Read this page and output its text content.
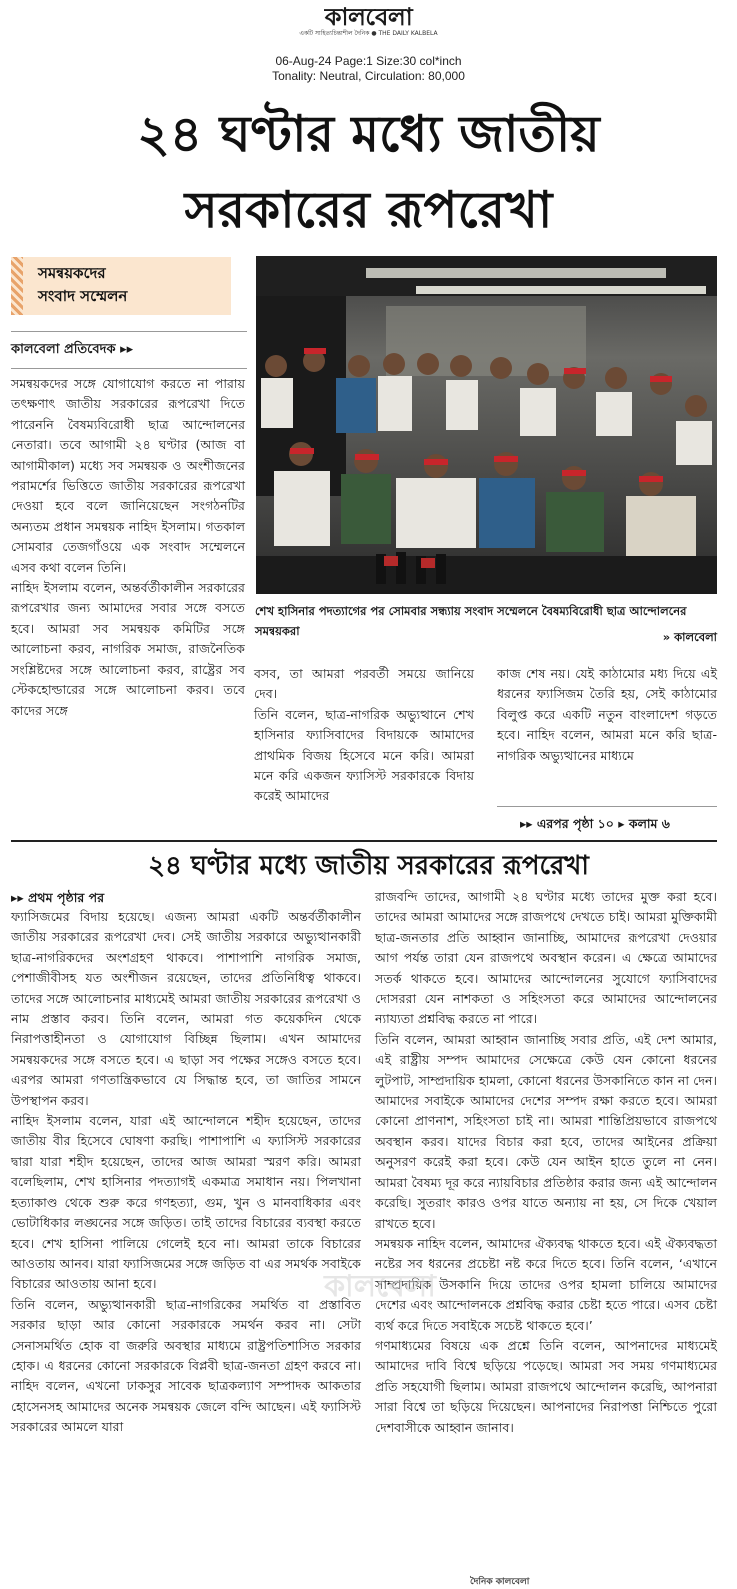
কালবেলা
একটি সাহিত্যচিন্তাশীল দৈনিক ● THE DAILY KALBELA
06-Aug-24 Page:1 Size:30 col*inch
Tonality: Neutral, Circulation: 80,000
২৪ ঘণ্টার মধ্যে জাতীয়
সরকারের রূপরেখা
সমন্বয়কদের
সংবাদ সম্মেলন
কালবেলা প্রতিবেদক ▸▸

সমন্বয়কদের সঙ্গে যোগাযোগ করতে না পারায় তৎক্ষণাৎ জাতীয় সরকারের রূপরেখা দিতে পারেননি বৈষম্যবিরোধী ছাত্র আন্দোলনের নেতারা। তবে আগামী ২৪ ঘণ্টার (আজ বা আগামীকাল) মধ্যে সব সমন্বয়ক ও অংশীজনের পরামর্শের ভিত্তিতে জাতীয় সরকারের রূপরেখা দেওয়া হবে বলে জানিয়েছেন সংগঠনটির অন্যতম প্রধান সমন্বয়ক নাহিদ ইসলাম। গতকাল সোমবার তেজগাঁওয়ে এক সংবাদ সম্মেলনে এসব কথা বলেন তিনি।

নাহিদ ইসলাম বলেন, অন্তর্বর্তীকালীন সরকারের রূপরেখার জন্য আমাদের সবার সঙ্গে বসতে হবে। আমরা সব সমন্বয়ক কমিটির সঙ্গে আলোচনা করব, নাগরিক সমাজ, রাজনৈতিক সংশ্লিষ্টদের সঙ্গে আলোচনা করব, রাষ্ট্রের সব স্টেকহোল্ডারের সঙ্গে আলোচনা করব। তবে কাদের সঙ্গে

শেখ হাসিনার পদত্যাগের পর সোমবার সন্ধ্যায় সংবাদ সম্মেলনে বৈষম্যবিরোধী ছাত্র আন্দোলনের সমন্বয়করা	» কালবেলা

বসব, তা আমরা পরবর্তী সময়ে জানিয়ে দেব।

তিনি বলেন, ছাত্র-নাগরিক অভ্যুত্থানে শেখ হাসিনার ফ্যাসিবাদের বিদায়কে আমাদের প্রাথমিক বিজয় হিসেবে মনে করি। আমরা মনে করি একজন ফ্যাসিস্ট সরকারকে বিদায় করেই আমাদের

কাজ শেষ নয়। যেই কাঠামোর মধ্য দিয়ে এই ধরনের ফ্যাসিজম তৈরি হয়, সেই কাঠামোর বিলুপ্ত করে একটি নতুন বাংলাদেশ গড়তে হবে। নাহিদ বলেন, আমরা মনে করি ছাত্র-নাগরিক অভ্যুত্থানের মাধ্যমে

▸▸ এরপর পৃষ্ঠা ১০ ▸ কলাম ৬
২৪ ঘণ্টার মধ্যে জাতীয় সরকারের রূপরেখা
▸▸ প্রথম পৃষ্ঠার পর

ফ্যাসিজমের বিদায় হয়েছে। এজন্য আমরা একটি অন্তর্বর্তীকালীন জাতীয় সরকারের রূপরেখা দেব। সেই জাতীয় সরকারে অভ্যুত্থানকারী ছাত্র-নাগরিকদের অংশগ্রহণ থাকবে। পাশাপাশি নাগরিক সমাজ, পেশাজীবীসহ যত অংশীজন রয়েছেন, তাদের প্রতিনিধিত্ব থাকবে। তাদের সঙ্গে আলোচনার মাধ্যমেই আমরা জাতীয় সরকারের রূপরেখা ও নাম প্রস্তাব করব। তিনি বলেন, আমরা গত কয়েকদিন থেকে নিরাপত্তাহীনতা ও যোগাযোগ বিচ্ছিন্ন ছিলাম। এখন আমাদের সমন্বয়কদের সঙ্গে বসতে হবে। এ ছাড়া সব পক্ষের সঙ্গেও বসতে হবে। এরপর আমরা গণতান্ত্রিকভাবে যে সিদ্ধান্ত হবে, তা জাতির সামনে উপস্থাপন করব।

নাহিদ ইসলাম বলেন, যারা এই আন্দোলনে শহীদ হয়েছেন, তাদের জাতীয় বীর হিসেবে ঘোষণা করছি। পাশাপাশি এ ফ্যাসিস্ট সরকারের দ্বারা যারা শহীদ হয়েছেন, তাদের আজ আমরা স্মরণ করি। আমরা বলেছিলাম, শেখ হাসিনার পদত্যাগই একমাত্র সমাধান নয়। পিলখানা হত্যাকাণ্ড থেকে শুরু করে গণহত্যা, গুম, খুন ও মানবাধিকার এবং ভোটাধিকার লঙ্ঘনের সঙ্গে জড়িত। তাই তাদের বিচারের ব্যবস্থা করতে হবে। শেখ হাসিনা পালিয়ে গেলেই হবে না। আমরা তাকে বিচারের আওতায় আনব। যারা ফ্যাসিজমের সঙ্গে জড়িত বা এর সমর্থক সবাইকে বিচারের আওতায় আনা হবে।

তিনি বলেন, অভ্যুত্থানকারী ছাত্র-নাগরিকের সমর্থিত বা প্রস্তাবিত সরকার ছাড়া আর কোনো সরকারকে সমর্থন করব না। সেটা সেনাসমর্থিত হোক বা জরুরি অবস্থার মাধ্যমে রাষ্ট্রপতিশাসিত সরকার হোক। এ ধরনের কোনো সরকারকে বিপ্লবী ছাত্র-জনতা গ্রহণ করবে না। নাহিদ বলেন, এখনো ঢাকসুর সাবেক ছাত্রকল্যাণ সম্পাদক আকতার হোসেনসহ আমাদের অনেক সমন্বয়ক জেলে বন্দি আছেন। এই ফ্যাসিস্ট সরকারের আমলে যারা

রাজবন্দি তাদের, আগামী ২৪ ঘণ্টার মধ্যে তাদের মুক্ত করা হবে। তাদের আমরা আমাদের সঙ্গে রাজপথে দেখতে চাই। আমরা মুক্তিকামী ছাত্র-জনতার প্রতি আহ্বান জানাচ্ছি, আমাদের রূপরেখা দেওয়ার আগ পর্যন্ত তারা যেন রাজপথে অবস্থান করেন। এ ক্ষেত্রে আমাদের সতর্ক থাকতে হবে। আমাদের আন্দোলনের সুযোগে ফ্যাসিবাদের দোসররা যেন নাশকতা ও সহিংসতা করে আমাদের আন্দোলনের ন্যায্যতা প্রশ্নবিদ্ধ করতে না পারে।

তিনি বলেন, আমরা আহ্বান জানাচ্ছি সবার প্রতি, এই দেশ আমার, এই রাষ্ট্রীয় সম্পদ আমাদের সেক্ষেত্রে কেউ যেন কোনো ধরনের লুটপাট, সাম্প্রদায়িক হামলা, কোনো ধরনের উসকানিতে কান না দেন। আমাদের সবাইকে আমাদের দেশের সম্পদ রক্ষা করতে হবে। আমরা কোনো প্রাণনাশ, সহিংসতা চাই না। আমরা শান্তিপ্রিয়ভাবে রাজপথে অবস্থান করব। যাদের বিচার করা হবে, তাদের আইনের প্রক্রিয়া অনুসরণ করেই করা হবে। কেউ যেন আইন হাতে তুলে না নেন। আমরা বৈষম্য দূর করে ন্যায়বিচার প্রতিষ্ঠার করার জন্য এই আন্দোলন করেছি। সুতরাং কারও ওপর যাতে অন্যায় না হয়, সে দিকে খেয়াল রাখতে হবে।

সমন্বয়ক নাহিদ বলেন, আমাদের ঐক্যবদ্ধ থাকতে হবে। এই ঐক্যবদ্ধতা নষ্টের সব ধরনের প্রচেষ্টা নষ্ট করে দিতে হবে। তিনি বলেন, ‘এখানে সাম্প্রদায়িক উসকানি দিয়ে তাদের ওপর হামলা চালিয়ে আমাদের দেশের এবং আন্দোলনকে প্রশ্নবিদ্ধ করার চেষ্টা হতে পারে। এসব চেষ্টা ব্যর্থ করে দিতে সবাইকে সচেষ্ট থাকতে হবে।’

গণমাধ্যমের বিষয়ে এক প্রশ্নে তিনি বলেন, আপনাদের মাধ্যমেই আমাদের দাবি বিশ্বে ছড়িয়ে পড়েছে। আমরা সব সময় গণমাধ্যমের প্রতি সহযোগী ছিলাম। আমরা রাজপথে আন্দোলন করেছি, আপনারা সারা বিশ্বে তা ছড়িয়ে দিয়েছেন। আপনাদের নিরাপত্তা নিশ্চিতে পুরো দেশবাসীকে আহ্বান জানাব।

কালবেলা
দৈনিক কালবেলা
